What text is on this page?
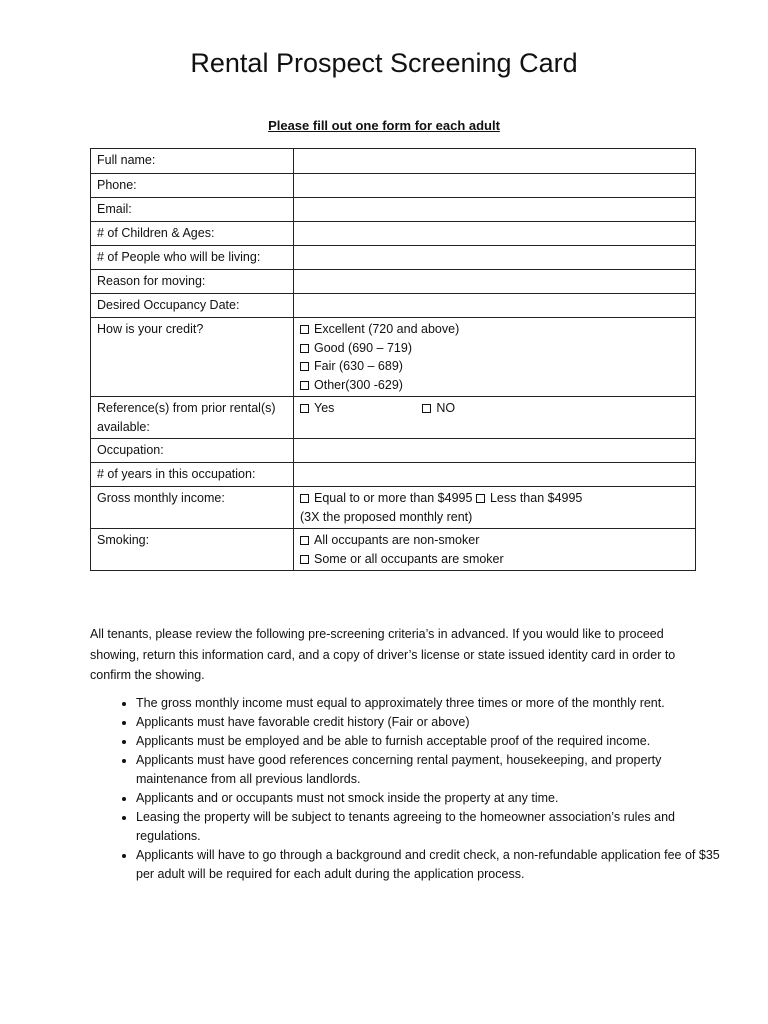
Rental Prospect Screening Card
Please fill out one form for each adult
Full name:	
Phone:	
Email:	
# of Children & Ages:	
# of People who will be living:	
Reason for moving:	
Desired Occupancy Date:	
How is your credit?	Excellent (720 and above)
Good (690 – 719)
Fair (630 – 689)
Other(300 -629)

Reference(s) from prior rental(s) available:	Yes NO
Occupation:	
# of years in this occupation:	
Gross monthly income:	Equal to or more than $4995 Less than $4995
(3X the proposed monthly rent)

Smoking:	All occupants are non-smoker
Some or all occupants are smoker
All tenants, please review the following pre-screening criteria’s in advanced. If you would like to proceed showing, return this information card, and a copy of driver’s license or state issued identity card in order to confirm the showing.
• The gross monthly income must equal to approximately three times or more of the monthly rent.
• Applicants must have favorable credit history (Fair or above)
• Applicants must be employed and be able to furnish acceptable proof of the required income.
• Applicants must have good references concerning rental payment, housekeeping, and property maintenance from all previous landlords.
• Applicants and or occupants must not smock inside the property at any time.
• Leasing the property will be subject to tenants agreeing to the homeowner association’s rules and regulations.
• Applicants will have to go through a background and credit check, a non-refundable application fee of $35 per adult will be required for each adult during the application process.
